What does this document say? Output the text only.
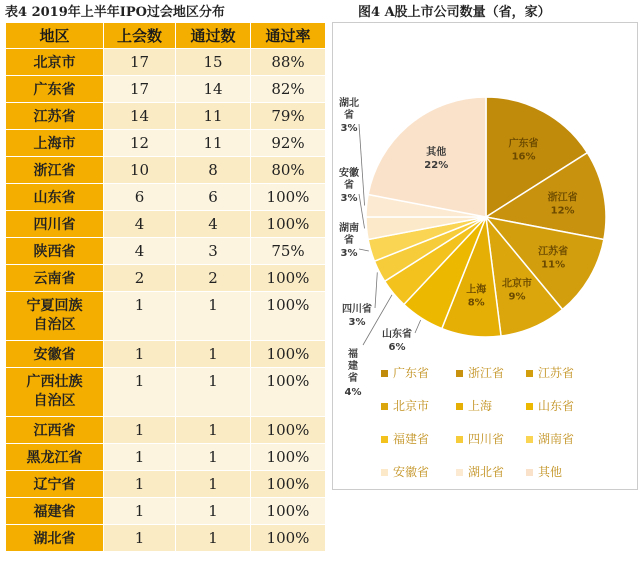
表4 2019年上半年IPO过会地区分布
地区	上会数	通过数	通过率
北京市	17	15	88%
广东省	17	14	82%
江苏省	14	11	79%
上海市	12	11	92%
浙江省	10	8	80%
山东省	6	6	100%
四川省	4	4	100%
陕西省	4	3	75%
云南省	2	2	100%
宁夏回族
自治区	1	1	100%
安徽省	1	1	100%
广西壮族
自治区	1	1	100%
江西省	1	1	100%
黑龙江省	1	1	100%
辽宁省	1	1	100%
福建省	1	1	100%
湖北省	1	1	100%
图4 A股上市公司数量（省，家）
广东省
16%
浙江省
12%
江苏省
11%
北京市
9%
上海
8%
其他
22%
山东省
6%
福
建
省
4%
四川省
3%
湖南
省
3%
安徽
省
3%
湖北
省
3%
广东省	浙江省	江苏省
北京市	上海	山东省
福建省	四川省	湖南省
安徽省	湖北省	其他
